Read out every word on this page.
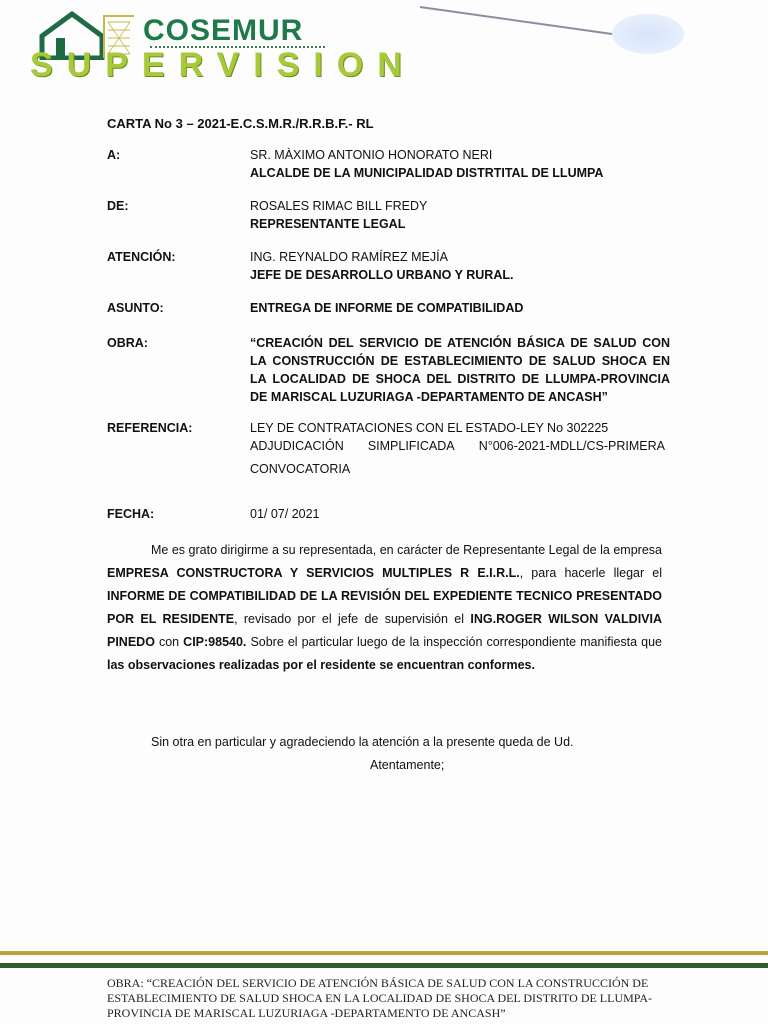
COSEMUR
SUPERVISION
CARTA No 3 – 2021-E.C.S.M.R./R.R.B.F.- RL
A:	SR. MÀXIMO ANTONIO HONORATO NERI
ALCALDE DE LA MUNICIPALIDAD DISTRTITAL DE LLUMPA
DE:	ROSALES RIMAC BILL FREDY
REPRESENTANTE LEGAL
ATENCIÓN:	ING. REYNALDO RAMÍREZ MEJÍA
JEFE DE DESARROLLO URBANO Y RURAL.
ASUNTO:	ENTREGA DE INFORME DE COMPATIBILIDAD
OBRA:	“CREACIÓN DEL SERVICIO DE ATENCIÓN BÁSICA DE SALUD CON LA CONSTRUCCIÓN DE ESTABLECIMIENTO DE SALUD SHOCA EN LA LOCALIDAD DE SHOCA DEL DISTRITO DE LLUMPA-PROVINCIA DE MARISCAL LUZURIAGA -DEPARTAMENTO DE ANCASH”
REFERENCIA:	LEY DE CONTRATACIONES CON EL ESTADO-LEY No 302225
ADJUDICACIÓN SIMPLIFICADA N°006-2021-MDLL/CS-PRIMERA
CONVOCATORIA
FECHA:	01/ 07/ 2021
Me es grato dirigirme a su representada, en carácter de Representante Legal de la empresa EMPRESA CONSTRUCTORA Y SERVICIOS MULTIPLES R E.I.R.L., para hacerle llegar el INFORME DE COMPATIBILIDAD DE LA REVISIÓN DEL EXPEDIENTE TECNICO PRESENTADO POR EL RESIDENTE, revisado por el jefe de supervisión el ING.ROGER WILSON VALDIVIA PINEDO con CIP:98540. Sobre el particular luego de la inspección correspondiente manifiesta que las observaciones realizadas por el residente se encuentran conformes.
Sin otra en particular y agradeciendo la atención a la presente queda de Ud.
Atentamente;
OBRA: “CREACIÓN DEL SERVICIO DE ATENCIÓN BÁSICA DE SALUD CON LA CONSTRUCCIÓN DE ESTABLECIMIENTO DE SALUD SHOCA EN LA LOCALIDAD DE SHOCA DEL DISTRITO DE LLUMPA-PROVINCIA DE MARISCAL LUZURIAGA -DEPARTAMENTO DE ANCASH”
